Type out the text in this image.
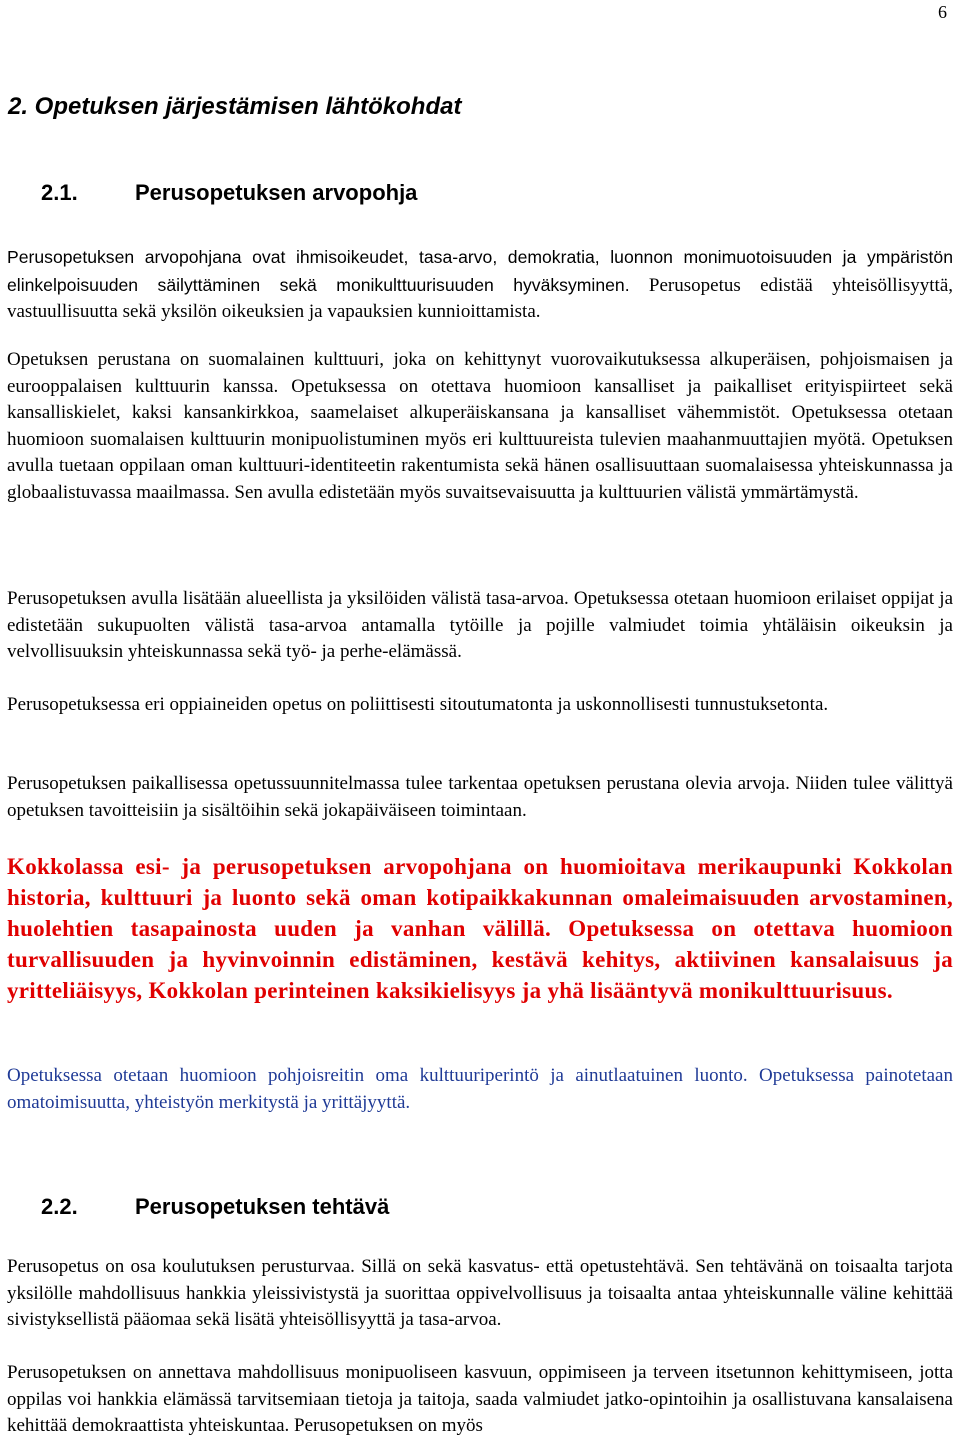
6
2. Opetuksen järjestämisen lähtökohdat
2.1.	Perusopetuksen arvopohja

Perusopetuksen arvopohjana ovat ihmisoikeudet, tasa-arvo, demokratia, luonnon monimuotoisuuden ja ympäristön elinkelpoisuuden säilyttäminen sekä monikulttuurisuuden hyväksyminen. Perusopetus edistää yhteisöllisyyttä, vastuullisuutta sekä yksilön oikeuksien ja vapauksien kunnioittamista.

Opetuksen perustana on suomalainen kulttuuri, joka on kehittynyt vuorovaikutuksessa alkuperäisen, pohjoismaisen ja eurooppalaisen kulttuurin kanssa. Opetuksessa on otettava huomioon kansalliset ja paikalliset erityispiirteet sekä kansalliskielet, kaksi kansankirkkoa, saamelaiset alkuperäiskansana ja kansalliset vähemmistöt. Opetuksessa otetaan huomioon suomalaisen kulttuurin monipuolistuminen myös eri kulttuureista tulevien maahanmuuttajien myötä. Opetuksen avulla tuetaan oppilaan oman kulttuuri-identiteetin rakentumista sekä hänen osallisuuttaan suomalaisessa yhteiskunnassa ja globaalistuvassa maailmassa. Sen avulla edistetään myös suvaitsevaisuutta ja kulttuurien välistä ymmärtämystä.

Perusopetuksen avulla lisätään alueellista ja yksilöiden välistä tasa-arvoa. Opetuksessa otetaan huomioon erilaiset oppijat ja edistetään sukupuolten välistä tasa-arvoa antamalla tytöille ja pojille valmiudet toimia yhtäläisin oikeuksin ja velvollisuuksin yhteiskunnassa sekä työ- ja perhe-elämässä.

Perusopetuksessa eri oppiaineiden opetus on poliittisesti sitoutumatonta ja uskonnollisesti tunnustuksetonta.

Perusopetuksen paikallisessa opetussuunnitelmassa tulee tarkentaa opetuksen perustana olevia arvoja. Niiden tulee välittyä opetuksen tavoitteisiin ja sisältöihin sekä jokapäiväiseen toimintaan.

Kokkolassa esi- ja perusopetuksen arvopohjana on huomioitava merikaupunki Kokkolan historia, kulttuuri ja luonto sekä oman kotipaikkakunnan omaleimaisuuden arvostaminen, huolehtien tasapainosta uuden ja vanhan välillä. Opetuksessa on otettava huomioon turvallisuuden ja hyvinvoinnin edistäminen, kestävä kehitys, aktiivinen kansalaisuus ja yritteliäisyys, Kokkolan perinteinen kaksikielisyys ja yhä lisääntyvä monikulttuurisuus.

Opetuksessa otetaan huomioon pohjoisreitin oma kulttuuriperintö ja ainutlaatuinen luonto. Opetuksessa painotetaan omatoimisuutta, yhteistyön merkitystä ja yrittäjyyttä.

2.2.	Perusopetuksen tehtävä

Perusopetus on osa koulutuksen perusturvaa. Sillä on sekä kasvatus- että opetustehtävä. Sen tehtävänä on toisaalta tarjota yksilölle mahdollisuus hankkia yleissivistystä ja suorittaa oppivelvollisuus ja toisaalta antaa yhteiskunnalle väline kehittää sivistyksellistä pääomaa sekä lisätä yhteisöllisyyttä ja tasa-arvoa.

Perusopetuksen on annettava mahdollisuus monipuoliseen kasvuun, oppimiseen ja terveen itsetunnon kehittymiseen, jotta oppilas voi hankkia elämässä tarvitsemiaan tietoja ja taitoja, saada valmiudet jatko-opintoihin ja osallistuvana kansalaisena kehittää demokraattista yhteiskuntaa. Perusopetuksen on myös
